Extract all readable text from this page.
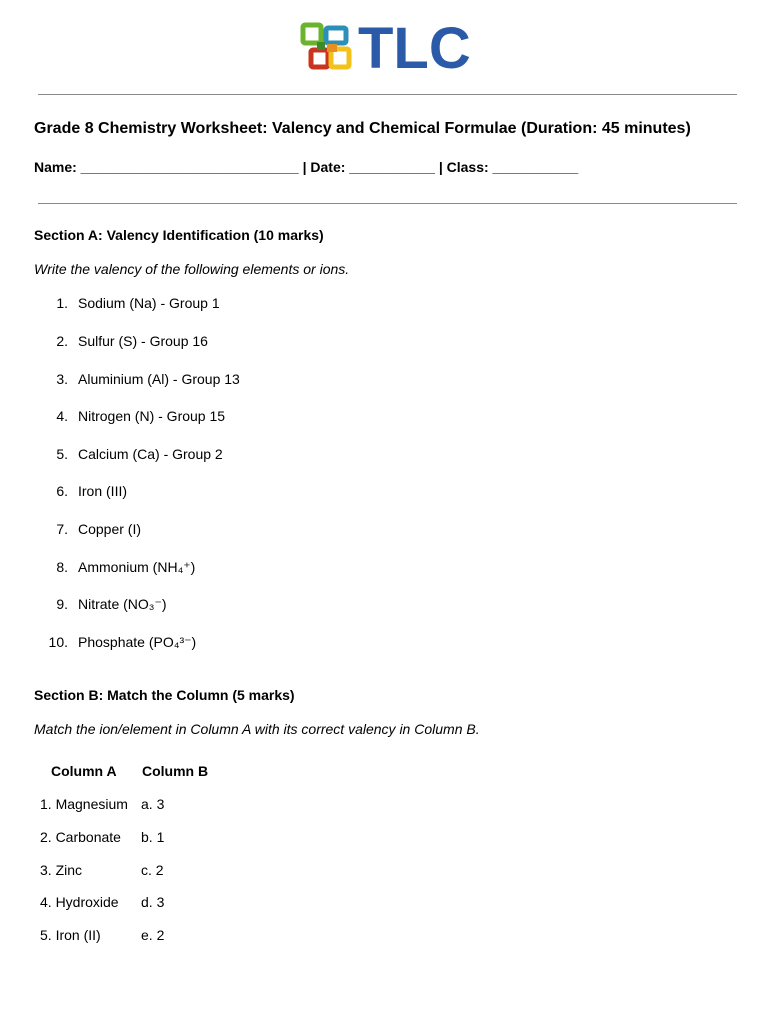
TLC
Grade 8 Chemistry Worksheet: Valency and Chemical Formulae (Duration: 45 minutes)
Name: ____________________________ | Date: ___________ | Class: ___________
Section A: Valency Identification (10 marks)
Write the valency of the following elements or ions.
1. Sodium (Na) - Group 1
2. Sulfur (S) - Group 16
3. Aluminium (Al) - Group 13
4. Nitrogen (N) - Group 15
5. Calcium (Ca) - Group 2
6. Iron (III)
7. Copper (I)
8. Ammonium (NH₄⁺)
9. Nitrate (NO₃⁻)
10. Phosphate (PO₄³⁻)
Section B: Match the Column (5 marks)
Match the ion/element in Column A with its correct valency in Column B.
Column A Column B
1. Magnesium a. 3
2. Carbonate b. 1
3. Zinc	c. 2
4. Hydroxide d. 3
5. Iron (II)	e. 2
